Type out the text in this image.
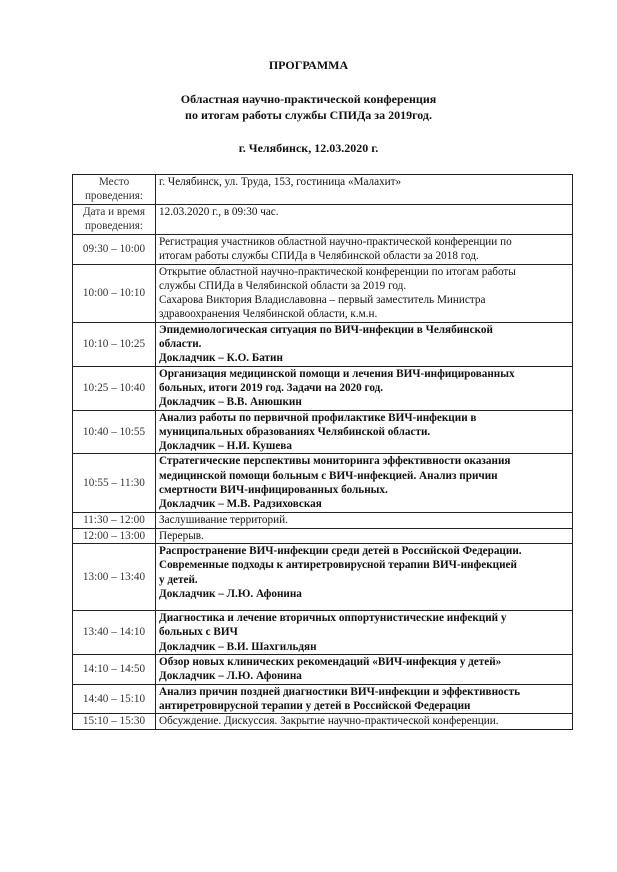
ПРОГРАММА
Областная научно-практической конференция
по итогам работы службы СПИДа за 2019год.
г. Челябинск, 12.03.2020 г.
Место
проведения:	г. Челябинск, ул. Труда, 153, гостиница «Малахит»

Дата и время
проведения:	12.03.2020 г., в 09:30 час.

09:30 – 10:00	Регистрация участников областной научно-практической конференции по
итогам работы службы СПИДа в Челябинской области за 2018 год.

10:00 – 10:10	Открытие областной научно-практической конференции по итогам работы
службы СПИДа в Челябинской области за 2019 год.
Сахарова Виктория Владиславовна – первый заместитель Министра
здравоохранения Челябинской области, к.м.н.

10:10 – 10:25	Эпидемиологическая ситуация по ВИЧ-инфекции в Челябинской
области.
Докладчик – К.О. Батин

10:25 – 10:40	Организация медицинской помощи и лечения ВИЧ-инфицированных
больных, итоги 2019 год. Задачи на 2020 год.
Докладчик – В.В. Анюшкин

10:40 – 10:55	Анализ работы по первичной профилактике ВИЧ-инфекции в
муниципальных образованиях Челябинской области.
Докладчик – Н.И. Кушева

10:55 – 11:30	Стратегические перспективы мониторинга эффективности оказания
медицинской помощи больным с ВИЧ-инфекцией. Анализ причин
смертности ВИЧ-инфицированных больных.
Докладчик – М.В. Радзиховская

11:30 – 12:00	Заслушивание территорий.

12:00 – 13:00	Перерыв.

13:00 – 13:40	Распространение ВИЧ-инфекции среди детей в Российской Федерации.
Современные подходы к антиретровирусной терапии ВИЧ-инфекцией
у детей.
Докладчик – Л.Ю. Афонина

13:40 – 14:10	Диагностика и лечение вторичных оппортунистические инфекций у
больных с ВИЧ
Докладчик – В.И. Шахгильдян

14:10 – 14:50	Обзор новых клинических рекомендаций «ВИЧ-инфекция у детей»
Докладчик – Л.Ю. Афонина

14:40 – 15:10	Анализ причин поздней диагностики ВИЧ-инфекции и эффективность
антиретровирусной терапии у детей в Российской Федерации

15:10 – 15:30	Обсуждение. Дискуссия. Закрытие научно-практической конференции.
